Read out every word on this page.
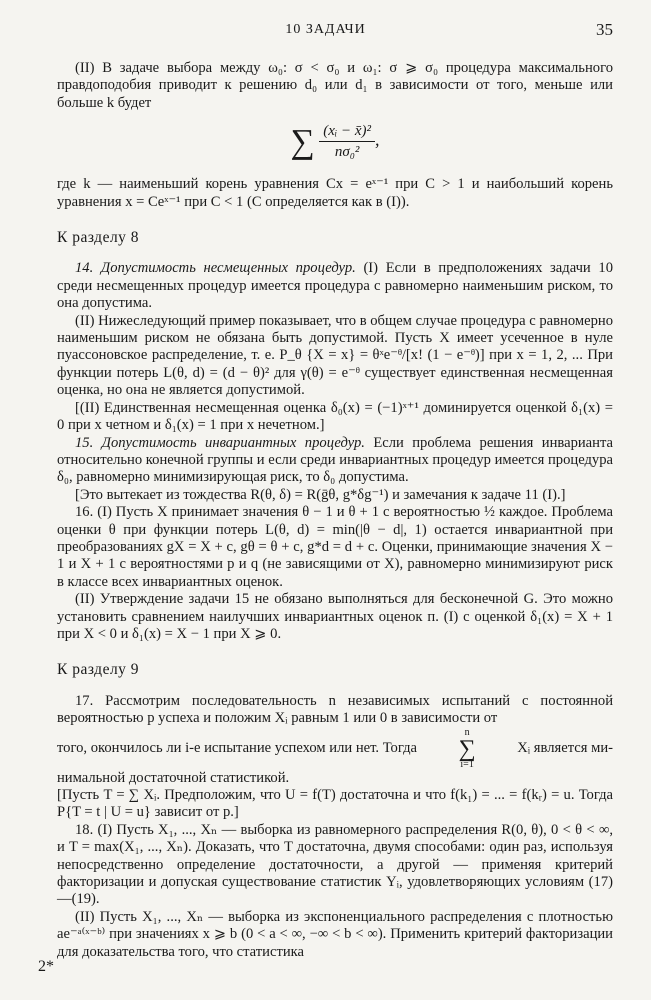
10 ЗАДАЧИ	35

(II) В задаче выбора между ω₀: σ < σ₀ и ω₁: σ ⩾ σ₀ процедура максимального правдоподобия приводит к решению d₀ или d₁ в зависимости от того, меньше или больше k будет

∑ $\frac{\text{(xᵢ − x̄)²}}{\text{nσ₀²}}$ ,

где k — наименьший корень уравнения Cx = eˣ⁻¹ при C > 1 и наибольший корень уравнения x = Ceˣ⁻¹ при C < 1 (C определяется как в (I)).

К разделу 8

14. Допустимость несмещенных процедур. (I) Если в предположениях задачи 10 среди несмещенных процедур имеется процедура с равномерно наименьшим риском, то она допустима.

(II) Нижеследующий пример показывает, что в общем случае процедура с равномерно наименьшим риском не обязана быть допустимой. Пусть X имеет усеченное в нуле пуассоновское распределение, т. е. P_θ {X = x} = θˣe⁻ᶿ/[x! (1 − e⁻ᶿ)] при x = 1, 2, ... При функции потерь L(θ, d) = (d − θ)² для γ(θ) = e⁻ᶿ существует единственная несмещенная оценка, но она не является допустимой.

[(II) Единственная несмещенная оценка δ₀(x) = (−1)ˣ⁺¹ доминируется оценкой δ₁(x) = 0 при x четном и δ₁(x) = 1 при x нечетном.]

15. Допустимость инвариантных процедур. Если проблема решения инварианта относительно конечной группы и если среди инвариантных процедур имеется процедура δ₀, равномерно минимизирующая риск, то δ₀ допустима.

[Это вытекает из тождества R(θ, δ) = R(ḡθ, g*δg⁻¹) и замечания к задаче 11 (I).]

16. (I) Пусть X принимает значения θ − 1 и θ + 1 с вероятностью ½ каждое. Проблема оценки θ при функции потерь L(θ, d) = min(|θ − d|, 1) остается инвариантной при преобразованиях gX = X + c, gθ = θ + c, g*d = d + c. Оценки, принимающие значения X − 1 и X + 1 с вероятностями p и q (не зависящими от X), равномерно минимизируют риск в классе всех инвариантных оценок.

(II) Утверждение задачи 15 не обязано выполняться для бесконечной G. Это можно установить сравнением наилучших инвариантных оценок п. (I) с оценкой δ₁(x) = X + 1 при X < 0 и δ₁(x) = X − 1 при X ⩾ 0.

К разделу 9

17. Рассмотрим последовательность n независимых испытаний с постоянной вероятностью p успеха и положим Xᵢ равным 1 или 0 в зависимости от

того, окончилось ли i-е испытание успехом или нет. Тогда
n
∑
i=1
Xᵢ является ми-

нимальной достаточной статистикой.

[Пусть T = ∑ Xᵢ. Предположим, что U = f(T) достаточна и что f(k₁) = ... = f(kᵣ) = u. Тогда P{T = t | U = u} зависит от p.]

18. (I) Пусть X₁, ..., Xₙ — выборка из равномерного распределения R(0, θ), 0 < θ < ∞, и T = max(X₁, ..., Xₙ). Доказать, что T достаточна, двумя способами: один раз, используя непосредственно определение достаточности, а другой — применяя критерий факторизации и допуская существование статистик Yᵢ, удовлетворяющих условиям (17)—(19).

(II) Пусть X₁, ..., Xₙ — выборка из экспоненциального распределения с плотностью ae⁻ᵃ⁽ˣ⁻ᵇ⁾ при значениях x ⩾ b (0 < a < ∞, −∞ < b < ∞). Применить критерий факторизации для доказательства того, что статистика

2*
